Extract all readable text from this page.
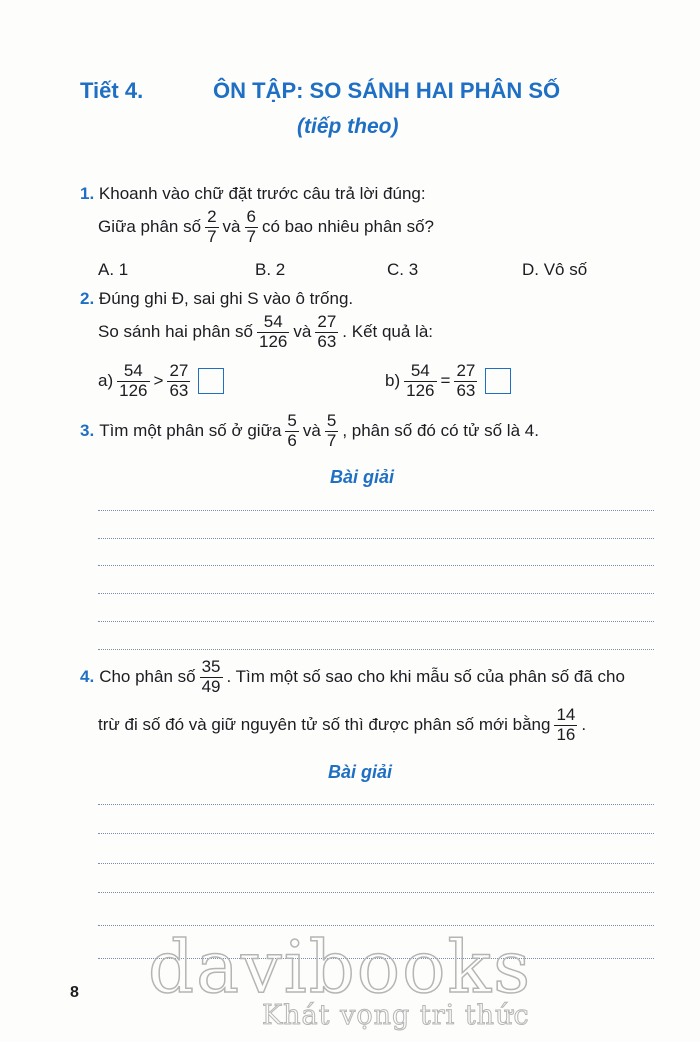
Tiết 4.	ÔN TẬP: SO SÁNH HAI PHÂN SỐ
(tiếp theo)
1. Khoanh vào chữ đặt trước câu trả lời đúng:
Giữa phân số $\frac{2}{7}$ và $\frac{6}{7}$ có bao nhiêu phân số?
A. 1	B. 2	C. 3	D. Vô số
2. Đúng ghi Đ, sai ghi S vào ô trống.
So sánh hai phân số $\frac{54}{126}$ và $\frac{27}{63}$ . Kết quả là:
$a) \frac{54}{126} > \frac{27}{63}$	$b) \frac{54}{126} = \frac{27}{63}$
3. Tìm một phân số ở giữa $\frac{5}{6}$ và $\frac{5}{7}$ , phân số đó có tử số là 4.
Bài giải
4. Cho phân số $\frac{35}{49}$ . Tìm một số sao cho khi mẫu số của phân số đã cho
trừ đi số đó và giữ nguyên tử số thì được phân số mới bằng $\frac{14}{16}$ .
Bài giải
8 davibooks
Khát vọng tri thức
